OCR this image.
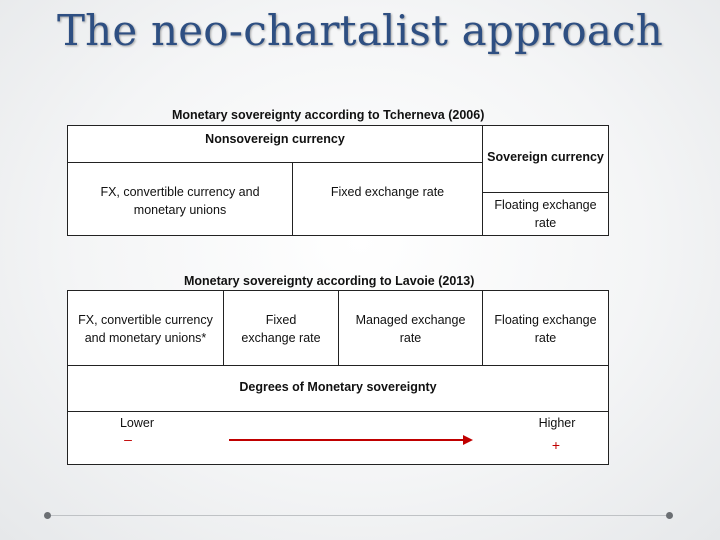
The neo-chartalist approach
Monetary sovereignty according to Tcherneva (2006)
Nonsovereign currency
Sovereign currency
FX, convertible currency and monetary unions
Fixed exchange rate
Floating exchange rate
Monetary sovereignty according to Lavoie (2013)
FX, convertible currency and monetary unions*
Fixed exchange rate
Managed exchange rate
Floating exchange rate
Degrees of Monetary sovereignty
Lower	Higher
–	+
